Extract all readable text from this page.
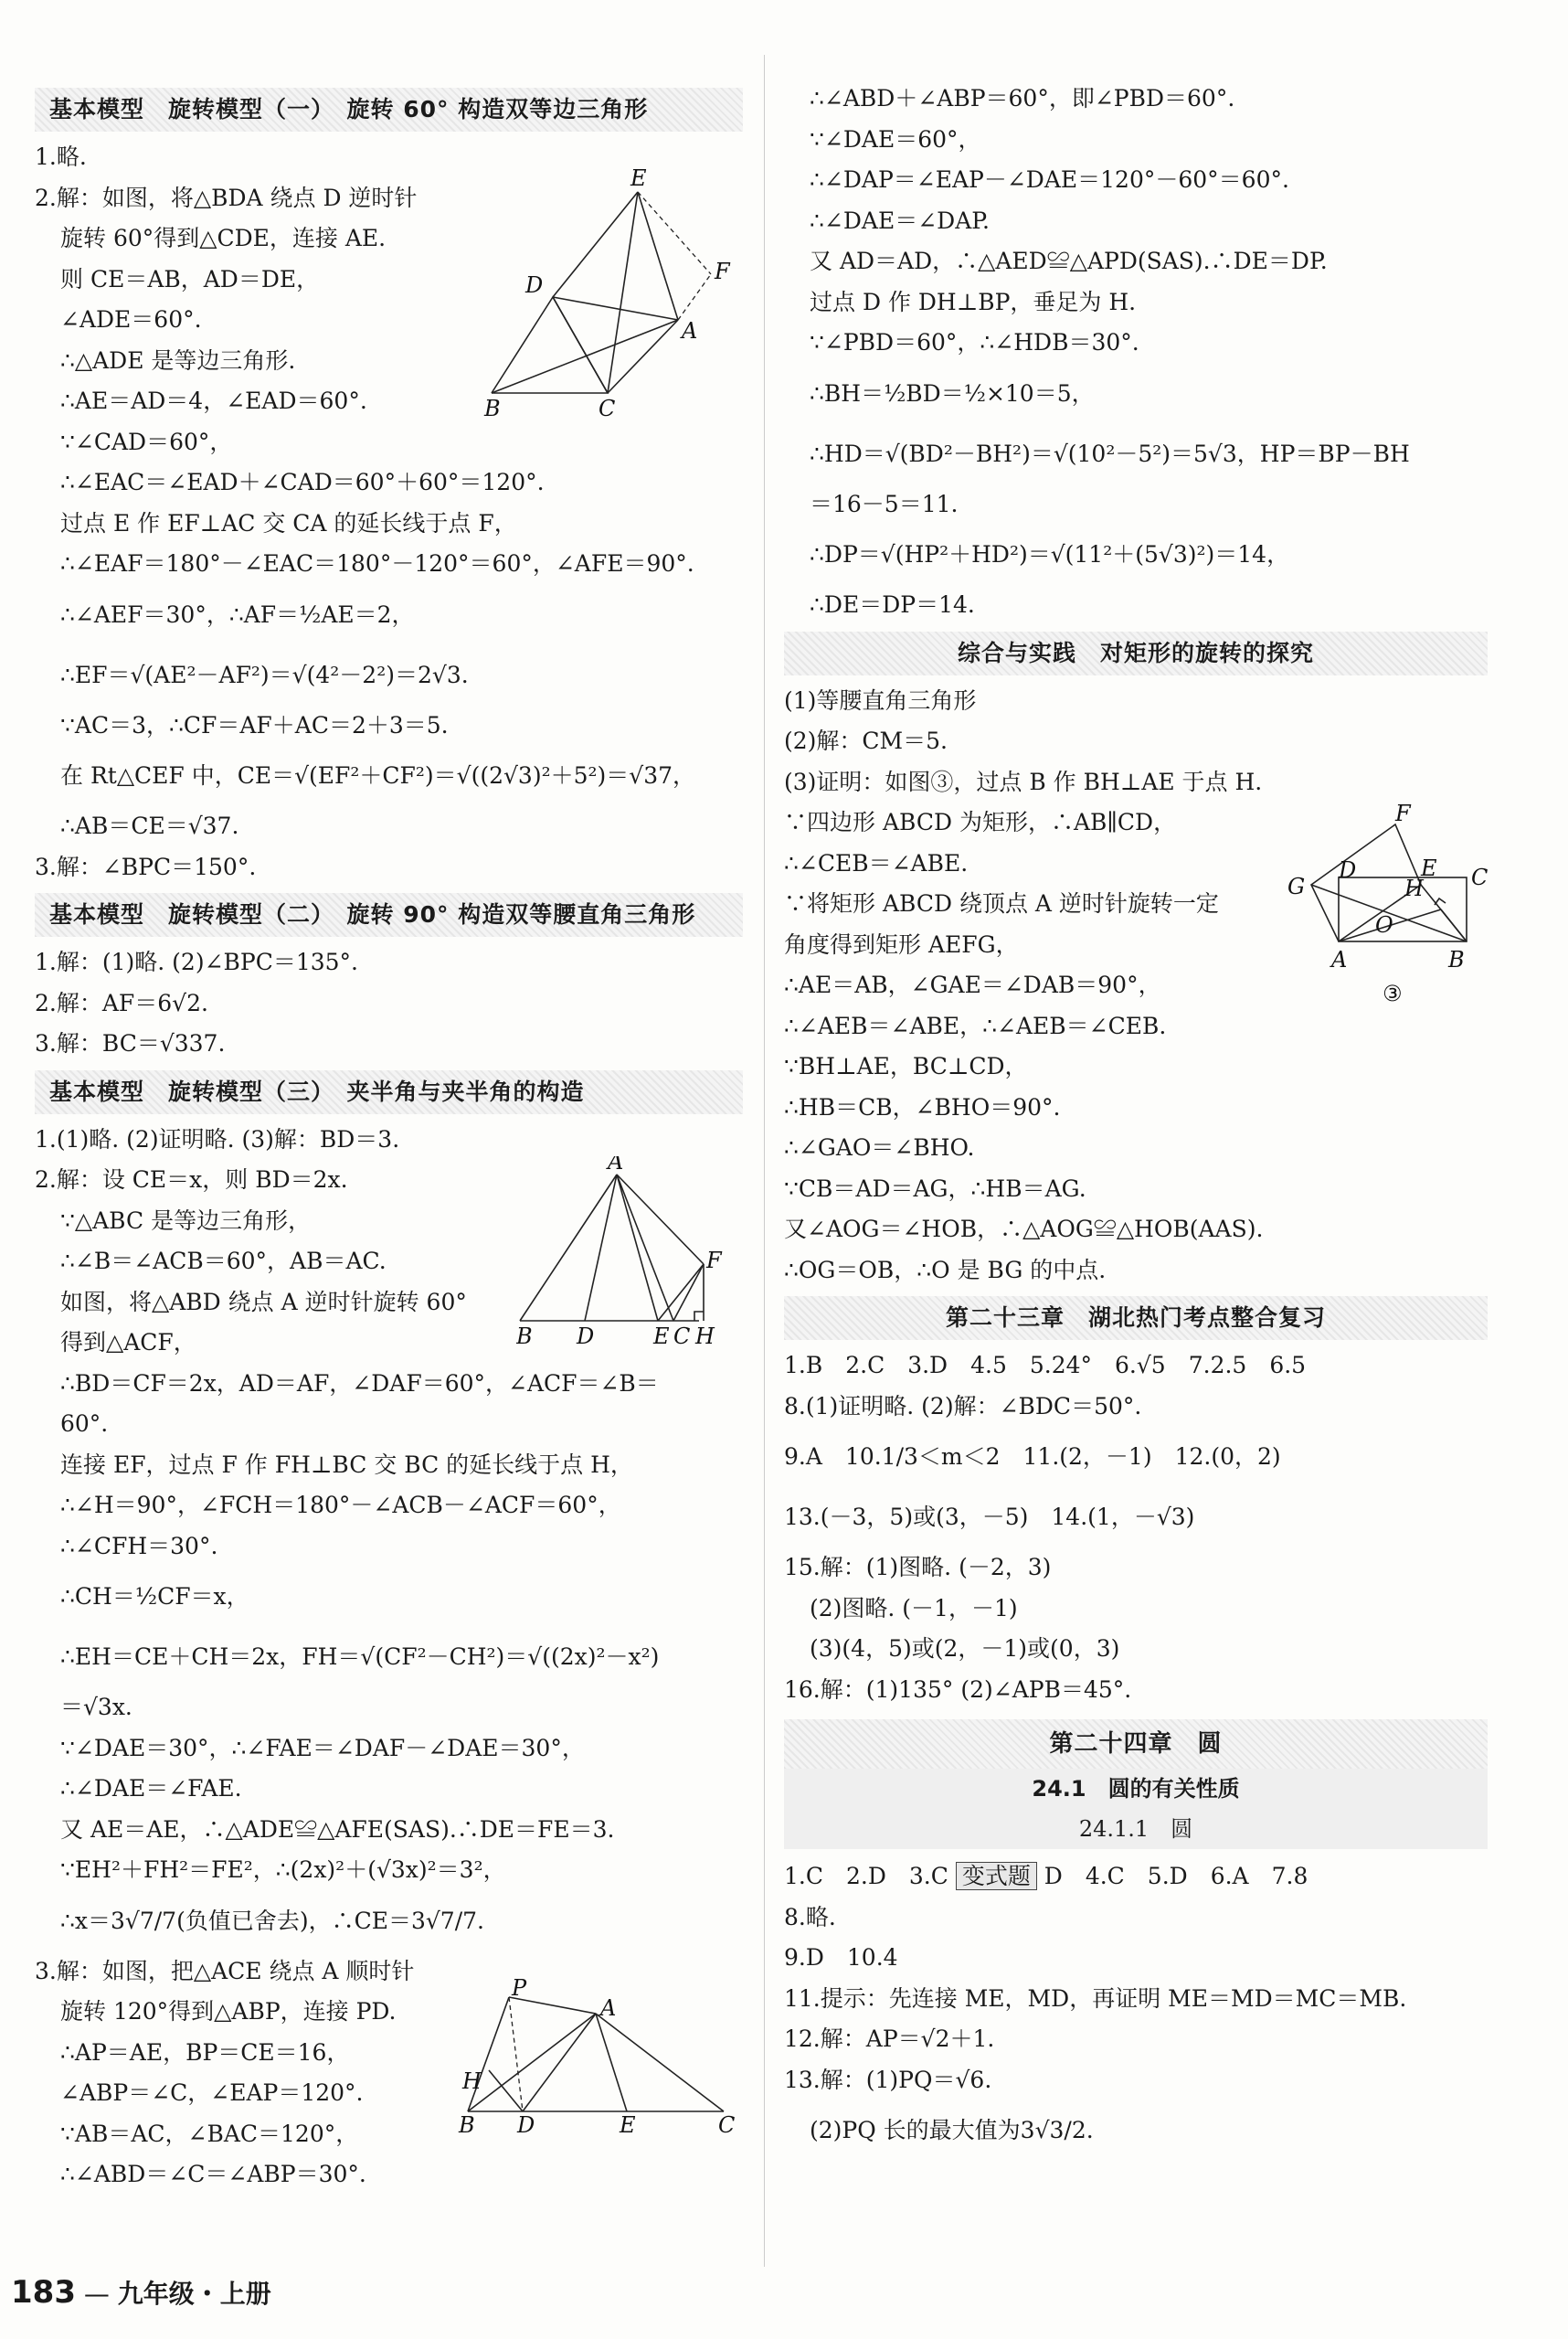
基本模型　旋转模型（一）　旋转 60° 构造双等边三角形
1.略.
2.解：如图，将△BDA 绕点 D 逆时针
旋转 60°得到△CDE，连接 AE.
则 CE＝AB，AD＝DE，
∠ADE＝60°.
∴△ADE 是等边三角形.
∴AE＝AD＝4，∠EAD＝60°.
∵∠CAD＝60°，
∴∠EAC＝∠EAD＋∠CAD＝60°＋60°＝120°.
过点 E 作 EF⊥AC 交 CA 的延长线于点 F，
∴∠EAF＝180°－∠EAC＝180°－120°＝60°，∠AFE＝90°.
∴∠AEF＝30°，∴AF＝½AE＝2，
∴EF＝√(AE²－AF²)＝√(4²－2²)＝2√3.
∵AC＝3，∴CF＝AF＋AC＝2＋3＝5.
在 Rt△CEF 中，CE＝√(EF²＋CF²)＝√((2√3)²＋5²)＝√37，
∴AB＝CE＝√37.
3.解：∠BPC＝150°.
基本模型　旋转模型（二）　旋转 90° 构造双等腰直角三角形
1.解：(1)略. (2)∠BPC＝135°.
2.解：AF＝6√2.
3.解：BC＝√337.
基本模型　旋转模型（三）　夹半角与夹半角的构造
1.(1)略. (2)证明略. (3)解：BD＝3.
2.解：设 CE＝x，则 BD＝2x.
∵△ABC 是等边三角形，
∴∠B＝∠ACB＝60°，AB＝AC.
如图，将△ABD 绕点 A 逆时针旋转 60°
得到△ACF，
∴BD＝CF＝2x，AD＝AF，∠DAF＝60°，∠ACF＝∠B＝
60°.
连接 EF，过点 F 作 FH⊥BC 交 BC 的延长线于点 H，
∴∠H＝90°，∠FCH＝180°－∠ACB－∠ACF＝60°，
∴∠CFH＝30°.
∴CH＝½CF＝x，
∴EH＝CE＋CH＝2x，FH＝√(CF²－CH²)＝√((2x)²－x²)
＝√3x.
∵∠DAE＝30°，∴∠FAE＝∠DAF－∠DAE＝30°，
∴∠DAE＝∠FAE.
又 AE＝AE，∴△ADE≌△AFE(SAS).∴DE＝FE＝3.
∵EH²＋FH²＝FE²，∴(2x)²＋(√3x)²＝3²，
∴x＝3√7/7(负值已舍去)，∴CE＝3√7/7.
3.解：如图，把△ACE 绕点 A 顺时针
旋转 120°得到△ABP，连接 PD.
∴AP＝AE，BP＝CE＝16，
∠ABP＝∠C，∠EAP＝120°.
∵AB＝AC，∠BAC＝120°，
∴∠ABD＝∠C＝∠ABP＝30°.
E
F
D
A
B	C
A
F
B D	E C H
P
A
H
B D	E	C
∴∠ABD＋∠ABP＝60°，即∠PBD＝60°.
∵∠DAE＝60°，
∴∠DAP＝∠EAP－∠DAE＝120°－60°＝60°.
∴∠DAE＝∠DAP.
又 AD＝AD，∴△AED≌△APD(SAS).∴DE＝DP.
过点 D 作 DH⊥BP，垂足为 H.
∵∠PBD＝60°，∴∠HDB＝30°.
∴BH＝½BD＝½×10＝5，
∴HD＝√(BD²－BH²)＝√(10²－5²)＝5√3，HP＝BP－BH
＝16－5＝11.
∴DP＝√(HP²＋HD²)＝√(11²＋(5√3)²)＝14，
∴DE＝DP＝14.
综合与实践　对矩形的旋转的探究
(1)等腰直角三角形
(2)解：CM＝5.
(3)证明：如图③，过点 B 作 BH⊥AE 于点 H.
∵四边形 ABCD 为矩形，∴AB∥CD，
∴∠CEB＝∠ABE.
∵将矩形 ABCD 绕顶点 A 逆时针旋转一定
角度得到矩形 AEFG，
∴AE＝AB，∠GAE＝∠DAB＝90°，
∴∠AEB＝∠ABE，∴∠AEB＝∠CEB.
∵BH⊥AE，BC⊥CD，
∴HB＝CB，∠BHO＝90°.
∴∠GAO＝∠BHO.
∵CB＝AD＝AG，∴HB＝AG.
又∠AOG＝∠HOB，∴△AOG≌△HOB(AAS).
∴OG＝OB，∴O 是 BG 的中点.
第二十三章　湖北热门考点整合复习
1.B　2.C　3.D　4.5　5.24°　6.√5　7.2.5　6.5
8.(1)证明略. (2)解：∠BDC＝50°.
9.A　10.1/3＜m＜2　11.(2，－1)　12.(0，2)
13.(－3，5)或(3，－5)　14.(1，－√3)
15.解：(1)图略. (－2，3)
(2)图略. (－1，－1)
(3)(4，5)或(2，－1)或(0，3)
16.解：(1)135° (2)∠APB＝45°.
第二十四章　圆
24.1　圆的有关性质
24.1.1　圆
1.C　2.D　3.C 变式题 D　4.C　5.D　6.A　7.8
8.略.
9.D　10.4
11.提示：先连接 ME，MD，再证明 ME＝MD＝MC＝MB.
12.解：AP＝√2＋1.
13.解：(1)PQ＝√6.
(2)PQ 长的最大值为3√3/2.
F
G
D	E C
H
O
A	B
③
183 — 九年级・上册
